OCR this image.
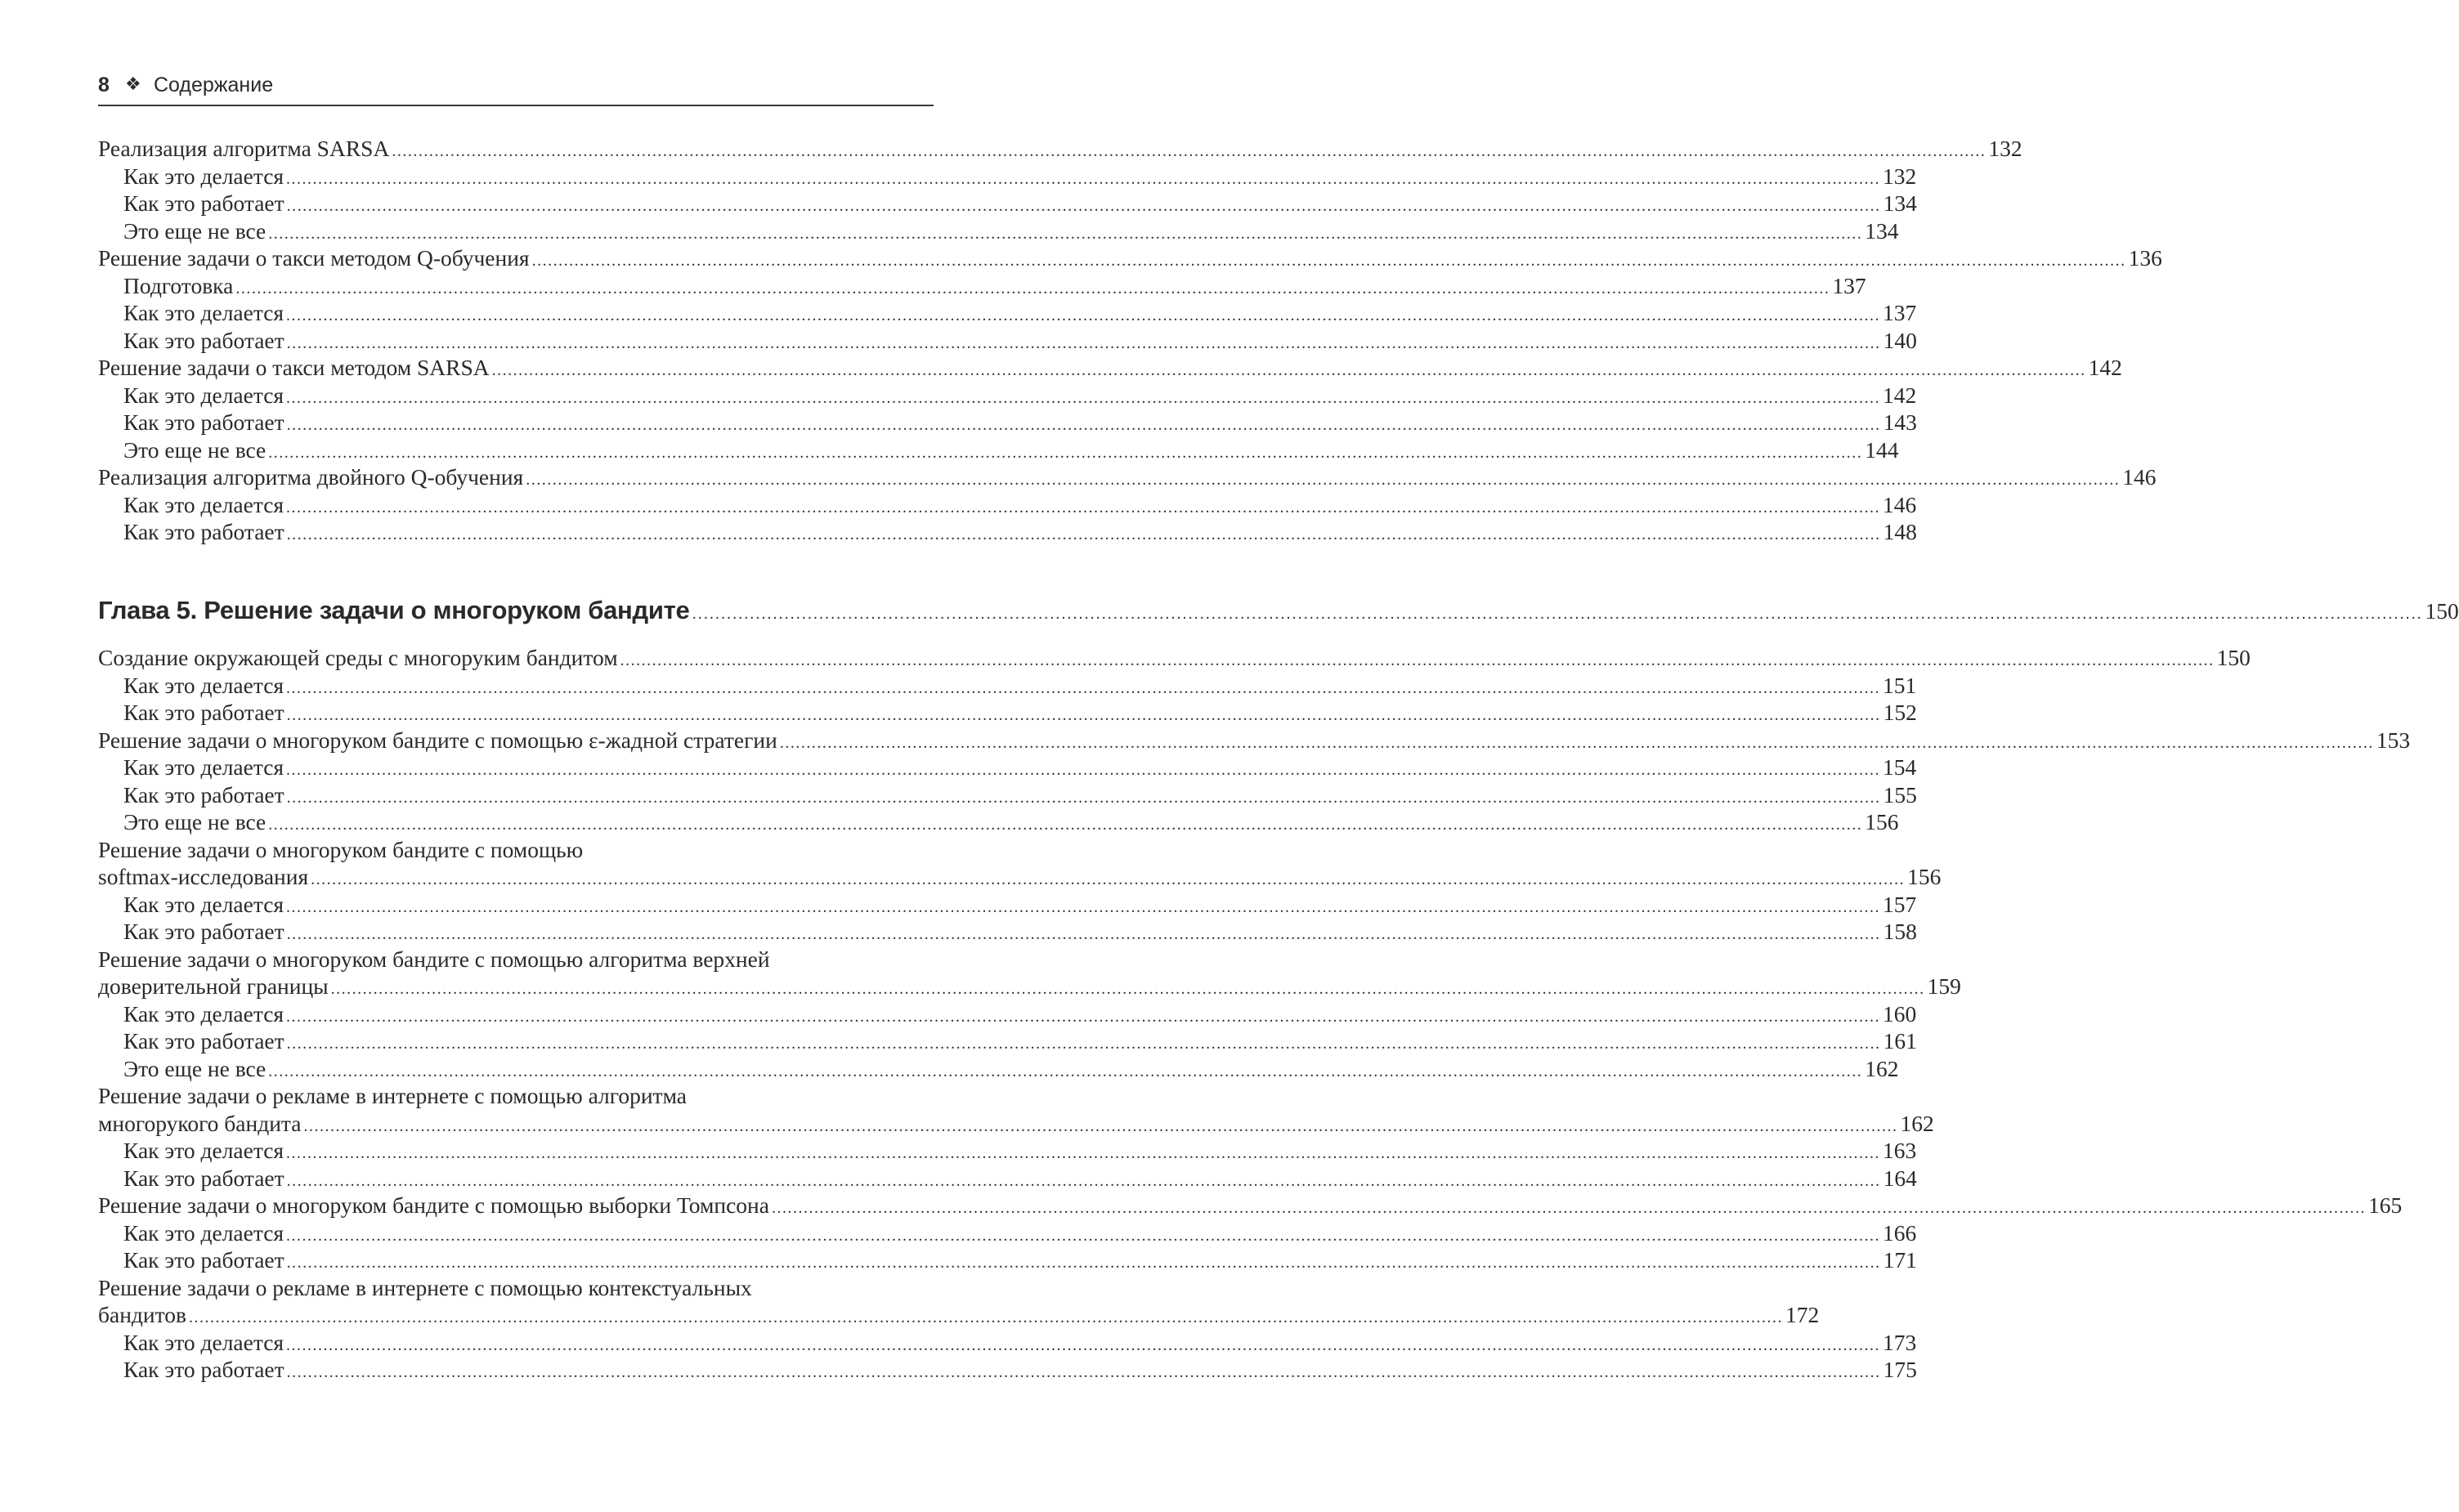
8 ❖ Содержание
Реализация алгоритма SARSA ............................................................................................................................................................................................................................................................................................................ 132
Как это делается ............................................................................................................................................................................................................................................................................................................ 132
Как это работает ............................................................................................................................................................................................................................................................................................................ 134
Это еще не все ............................................................................................................................................................................................................................................................................................................ 134
Решение задачи о такси методом Q-обучения ............................................................................................................................................................................................................................................................................................................ 136
Подготовка ............................................................................................................................................................................................................................................................................................................ 137
Как это делается ............................................................................................................................................................................................................................................................................................................ 137
Как это работает ............................................................................................................................................................................................................................................................................................................ 140
Решение задачи о такси методом SARSA ............................................................................................................................................................................................................................................................................................................ 142
Как это делается ............................................................................................................................................................................................................................................................................................................ 142
Как это работает ............................................................................................................................................................................................................................................................................................................ 143
Это еще не все ............................................................................................................................................................................................................................................................................................................ 144
Реализация алгоритма двойного Q-обучения ............................................................................................................................................................................................................................................................................................................ 146
Как это делается ............................................................................................................................................................................................................................................................................................................ 146
Как это работает ............................................................................................................................................................................................................................................................................................................ 148
Глава 5. Решение задачи о многоруком бандите ............................................................................................................................................................................................................................................................................................................ 150
Создание окружающей среды с многоруким бандитом ............................................................................................................................................................................................................................................................................................................ 150
Как это делается ............................................................................................................................................................................................................................................................................................................ 151
Как это работает ............................................................................................................................................................................................................................................................................................................ 152
Решение задачи о многоруком бандите с помощью ε-жадной стратегии ............................................................................................................................................................................................................................................................................................................ 153
Как это делается ............................................................................................................................................................................................................................................................................................................ 154
Как это работает ............................................................................................................................................................................................................................................................................................................ 155
Это еще не все ............................................................................................................................................................................................................................................................................................................ 156
Решение задачи о многоруком бандите с помощью
softmax-исследования ............................................................................................................................................................................................................................................................................................................ 156
Как это делается ............................................................................................................................................................................................................................................................................................................ 157
Как это работает ............................................................................................................................................................................................................................................................................................................ 158
Решение задачи о многоруком бандите с помощью алгоритма верхней
доверительной границы ............................................................................................................................................................................................................................................................................................................ 159
Как это делается ............................................................................................................................................................................................................................................................................................................ 160
Как это работает ............................................................................................................................................................................................................................................................................................................ 161
Это еще не все ............................................................................................................................................................................................................................................................................................................ 162
Решение задачи о рекламе в интернете с помощью алгоритма
многорукого бандита ............................................................................................................................................................................................................................................................................................................ 162
Как это делается ............................................................................................................................................................................................................................................................................................................ 163
Как это работает ............................................................................................................................................................................................................................................................................................................ 164
Решение задачи о многоруком бандите с помощью выборки Томпсона ............................................................................................................................................................................................................................................................................................................ 165
Как это делается ............................................................................................................................................................................................................................................................................................................ 166
Как это работает ............................................................................................................................................................................................................................................................................................................ 171
Решение задачи о рекламе в интернете с помощью контекстуальных
бандитов ............................................................................................................................................................................................................................................................................................................ 172
Как это делается ............................................................................................................................................................................................................................................................................................................ 173
Как это работает ............................................................................................................................................................................................................................................................................................................ 175
